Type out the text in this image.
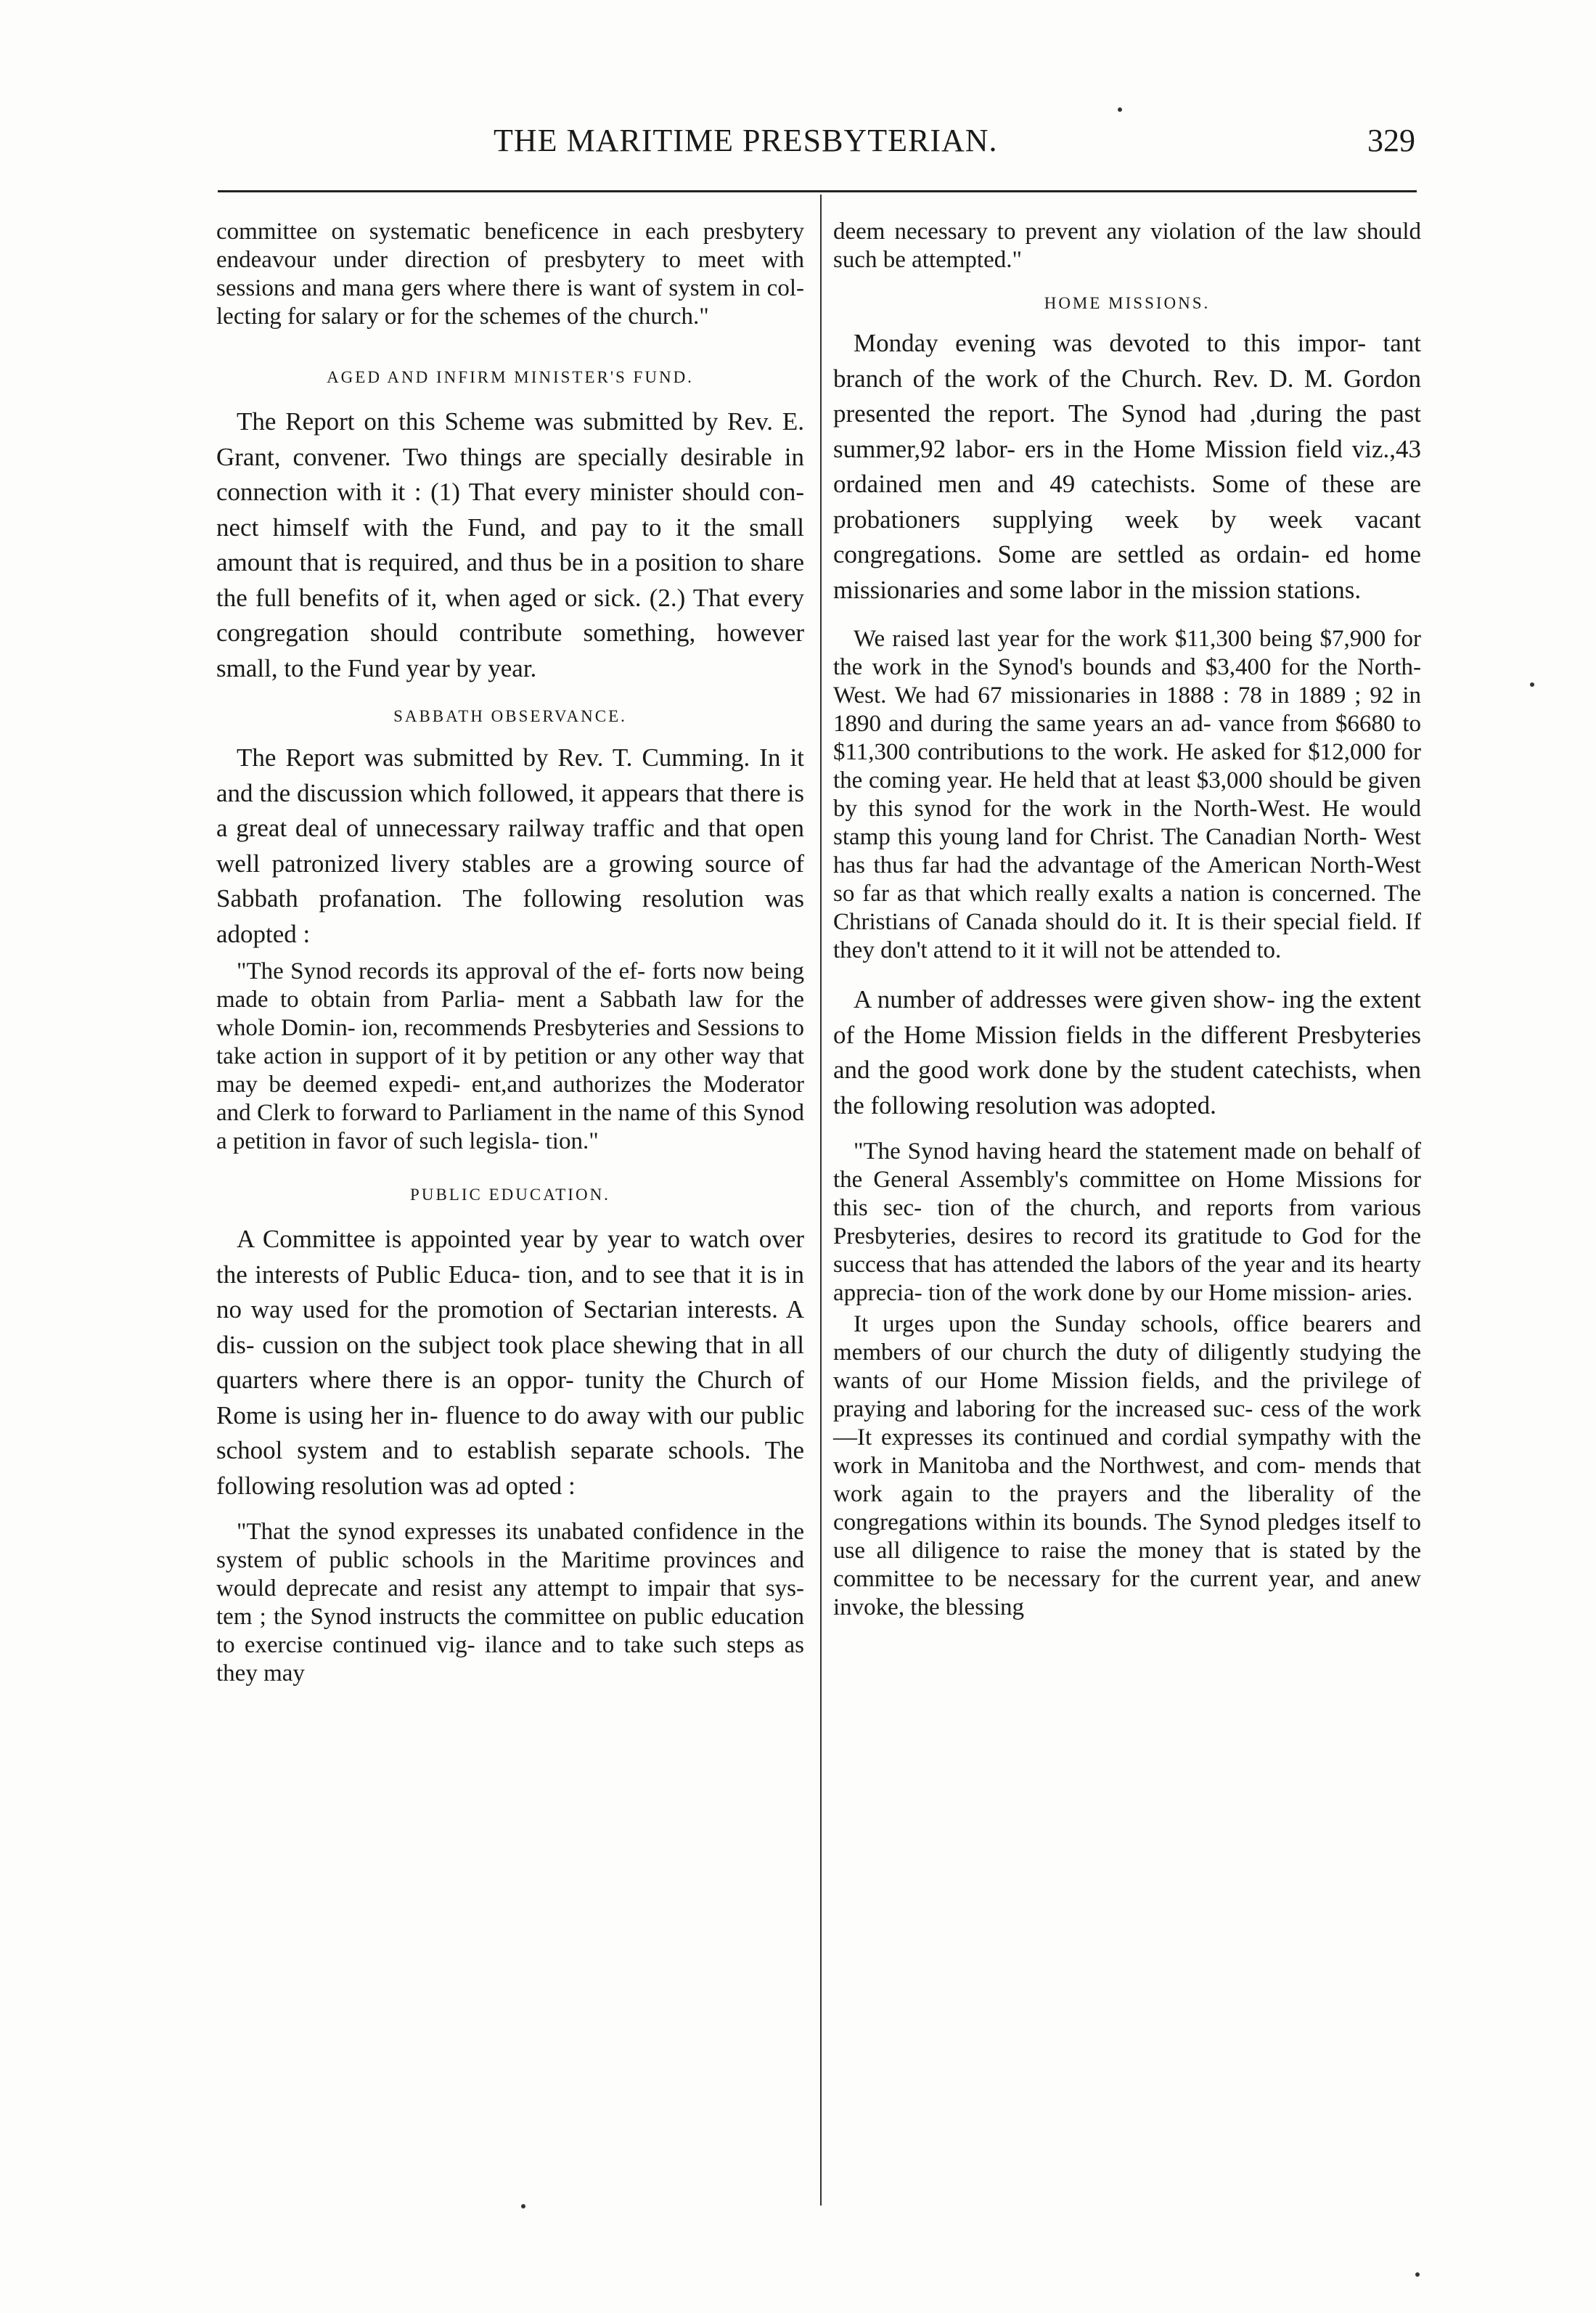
THE MARITIME PRESBYTERIAN.	329

committee on systematic beneficence in each presbytery endeavour under direction of presbytery to meet with sessions and mana gers where there is want of system in col- lecting for salary or for the schemes of the church."

AGED AND INFIRM MINISTER'S FUND.

The Report on this Scheme was submitted by Rev. E. Grant, convener. Two things are specially desirable in connection with it : (1) That every minister should con- nect himself with the Fund, and pay to it the small amount that is required, and thus be in a position to share the full benefits of it, when aged or sick. (2.) That every congregation should contribute something, however small, to the Fund year by year.

SABBATH OBSERVANCE.

The Report was submitted by Rev. T. Cumming. In it and the discussion which followed, it appears that there is a great deal of unnecessary railway traffic and that open well patronized livery stables are a growing source of Sabbath profanation. The following resolution was adopted :

"The Synod records its approval of the ef- forts now being made to obtain from Parlia- ment a Sabbath law for the whole Domin- ion, recommends Presbyteries and Sessions to take action in support of it by petition or any other way that may be deemed expedi- ent,and authorizes the Moderator and Clerk to forward to Parliament in the name of this Synod a petition in favor of such legisla- tion."

PUBLIC EDUCATION.

A Committee is appointed year by year to watch over the interests of Public Educa- tion, and to see that it is in no way used for the promotion of Sectarian interests. A dis- cussion on the subject took place shewing that in all quarters where there is an oppor- tunity the Church of Rome is using her in- fluence to do away with our public school system and to establish separate schools. The following resolution was ad opted :

"That the synod expresses its unabated confidence in the system of public schools in the Maritime provinces and would deprecate and resist any attempt to impair that sys- tem ; the Synod instructs the committee on public education to exercise continued vig- ilance and to take such steps as they may

deem necessary to prevent any violation of the law should such be attempted."

HOME MISSIONS.

Monday evening was devoted to this impor- tant branch of the work of the Church. Rev. D. M. Gordon presented the report. The Synod had ,during the past summer,92 labor- ers in the Home Mission field viz.,43 ordained men and 49 catechists. Some of these are probationers supplying week by week vacant congregations. Some are settled as ordain- ed home missionaries and some labor in the mission stations.

We raised last year for the work $11,300 being $7,900 for the work in the Synod's bounds and $3,400 for the North-West. We had 67 missionaries in 1888 : 78 in 1889 ; 92 in 1890 and during the same years an ad- vance from $6680 to $11,300 contributions to the work. He asked for $12,000 for the coming year. He held that at least $3,000 should be given by this synod for the work in the North-West. He would stamp this young land for Christ. The Canadian North- West has thus far had the advantage of the American North-West so far as that which really exalts a nation is concerned. The Christians of Canada should do it. It is their special field. If they don't attend to it it will not be attended to.

A number of addresses were given show- ing the extent of the Home Mission fields in the different Presbyteries and the good work done by the student catechists, when the following resolution was adopted.

"The Synod having heard the statement made on behalf of the General Assembly's committee on Home Missions for this sec- tion of the church, and reports from various Presbyteries, desires to record its gratitude to God for the success that has attended the labors of the year and its hearty apprecia- tion of the work done by our Home mission- aries.

It urges upon the Sunday schools, office bearers and members of our church the duty of diligently studying the wants of our Home Mission fields, and the privilege of praying and laboring for the increased suc- cess of the work—It expresses its continued and cordial sympathy with the work in Manitoba and the Northwest, and com- mends that work again to the prayers and the liberality of the congregations within its bounds. The Synod pledges itself to use all diligence to raise the money that is stated by the committee to be necessary for the current year, and anew invoke, the blessing
